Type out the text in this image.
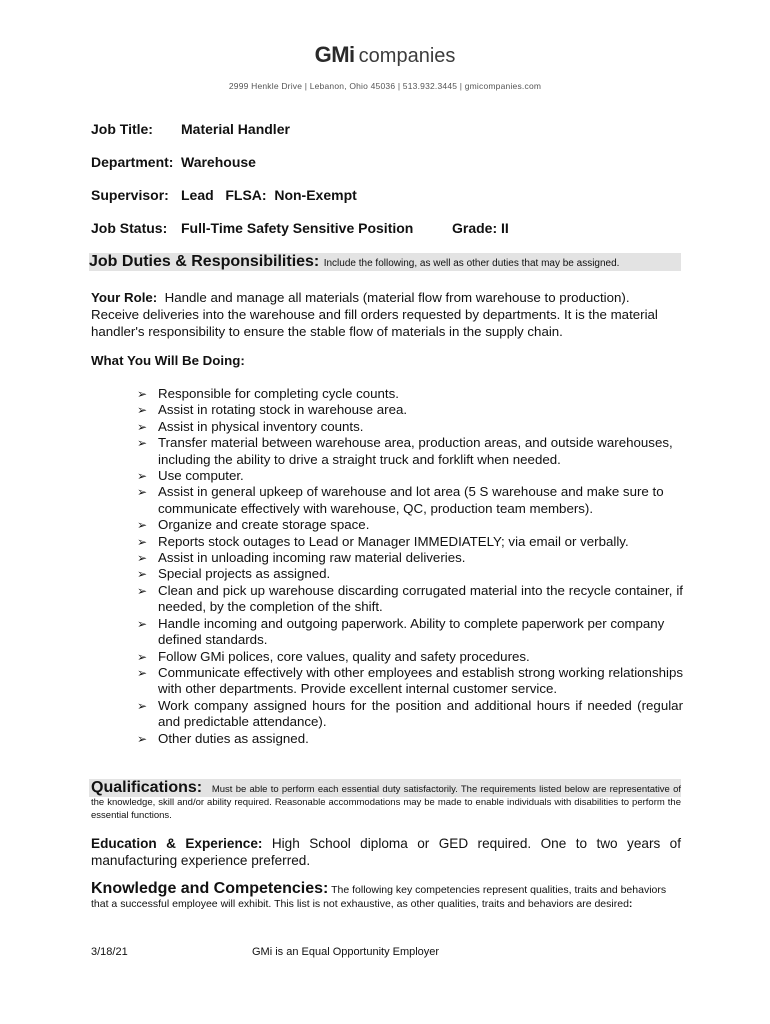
GMi companies
2999 Henkle Drive | Lebanon, Ohio 45036 | 513.932.3445 | gmicompanies.com
Job Title: Material Handler
Department: Warehouse
Supervisor: Lead   FLSA:  Non-Exempt
Job Status: Full-Time Safety Sensitive Position	Grade: II
Job Duties & Responsibilities: Include the following, as well as other duties that may be assigned.
Your Role: Handle and manage all materials (material flow from warehouse to production). Receive deliveries into the warehouse and fill orders requested by departments. It is the material handler's responsibility to ensure the stable flow of materials in the supply chain.
What You Will Be Doing:
➢ Responsible for completing cycle counts.
➢ Assist in rotating stock in warehouse area.
➢ Assist in physical inventory counts.
➢ Transfer material between warehouse area, production areas, and outside warehouses, including the ability to drive a straight truck and forklift when needed.
➢ Use computer.
➢ Assist in general upkeep of warehouse and lot area (5 S warehouse and make sure to communicate effectively with warehouse, QC, production team members).
➢ Organize and create storage space.
➢ Reports stock outages to Lead or Manager IMMEDIATELY; via email or verbally.
➢ Assist in unloading incoming raw material deliveries.
➢ Special projects as assigned.
➢ Clean and pick up warehouse discarding corrugated material into the recycle container, if needed, by the completion of the shift.
➢ Handle incoming and outgoing paperwork. Ability to complete paperwork per company defined standards.
➢ Follow GMi polices, core values, quality and safety procedures.
➢ Communicate effectively with other employees and establish strong working relationships with other departments. Provide excellent internal customer service.
➢ Work company assigned hours for the position and additional hours if needed (regular and predictable attendance).
➢ Other duties as assigned.
Qualifications: Must be able to perform each essential duty satisfactorily. The requirements listed below are representative of the knowledge, skill and/or ability required. Reasonable accommodations may be made to enable individuals with disabilities to perform the essential functions.
Education & Experience: High School diploma or GED required. One to two years of manufacturing experience preferred.
Knowledge and Competencies: The following key competencies represent qualities, traits and behaviors that a successful employee will exhibit. This list is not exhaustive, as other qualities, traits and behaviors are desired:
3/18/21	GMi is an Equal Opportunity Employer
